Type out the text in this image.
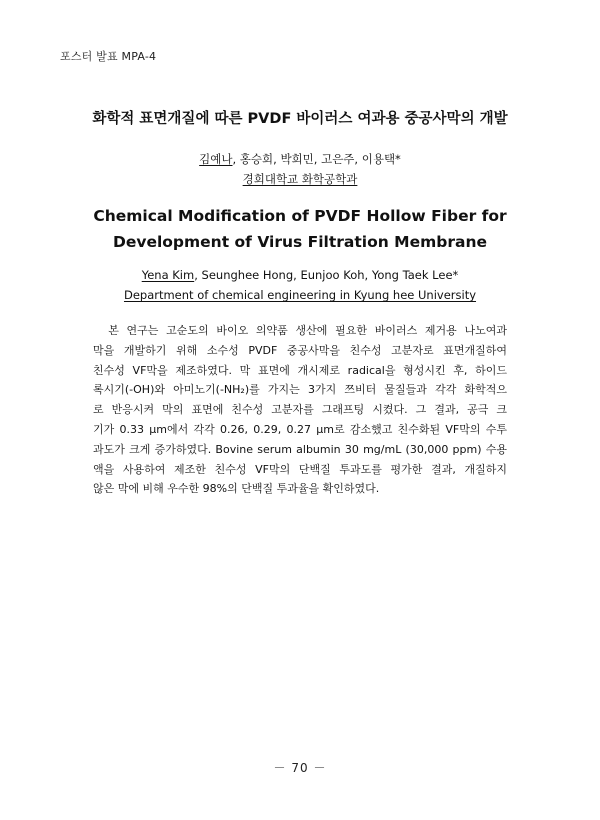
포스터 발표 MPA-4
화학적 표면개질에 따른 PVDF 바이러스 여과용 중공사막의 개발
김예나, 홍승희, 박희민, 고은주, 이용택*
경희대학교 화학공학과
Chemical Modification of PVDF Hollow Fiber for
Development of Virus Filtration Membrane
Yena Kim, Seunghee Hong, Eunjoo Koh, Yong Taek Lee*
Department of chemical engineering in Kyung hee University
　본 연구는 고순도의 바이오 의약품 생산에 필요한 바이러스 제거용 나노여과
막을 개발하기 위해 소수성 PVDF 중공사막을 친수성 고분자로 표면개질하여
친수성 VF막을 제조하였다. 막 표면에 개시제로 radical을 형성시킨 후, 하이드
록시기(-OH)와 아미노기(-NH₂)를 가지는 3가지 쯔비터 물질들과 각각 화학적으
로 반응시켜 막의 표면에 친수성 고분자를 그래프팅 시켰다. 그 결과, 공극 크
기가 0.33 μm에서 각각 0.26, 0.29, 0.27 μm로 감소했고 친수화된 VF막의 수투
과도가 크게 증가하였다. Bovine serum albumin 30 mg/mL (30,000 ppm) 수용
액을 사용하여 제조한 친수성 VF막의 단백질 투과도를 평가한 결과, 개질하지
않은 막에 비해 우수한 98%의 단백질 투과율을 확인하였다.
－ 70 －
